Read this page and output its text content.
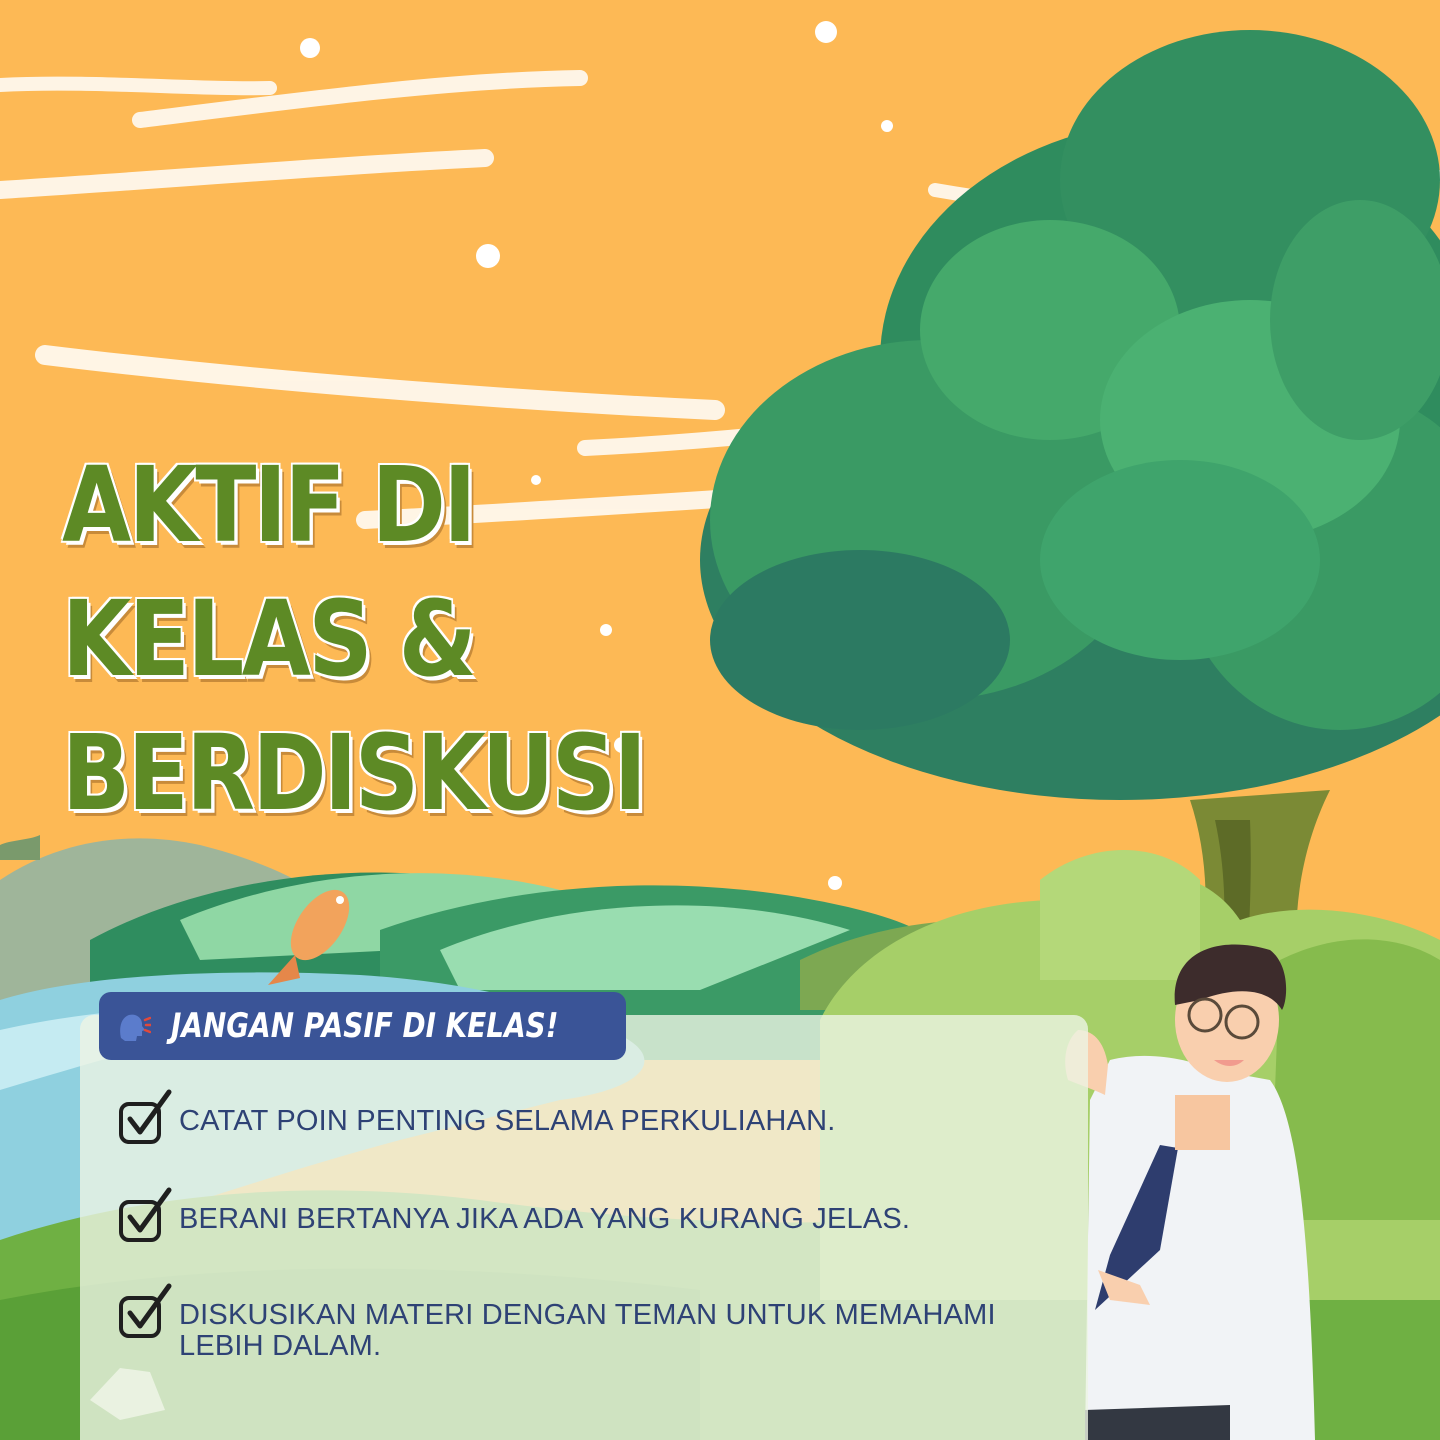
AKTIF DI
KELAS &
BERDISKUSI
JANGAN PASIF DI KELAS!
CATAT POIN PENTING SELAMA PERKULIAHAN.
BERANI BERTANYA JIKA ADA YANG KURANG JELAS.
DISKUSIKAN MATERI DENGAN TEMAN UNTUK MEMAHAMI LEBIH DALAM.
